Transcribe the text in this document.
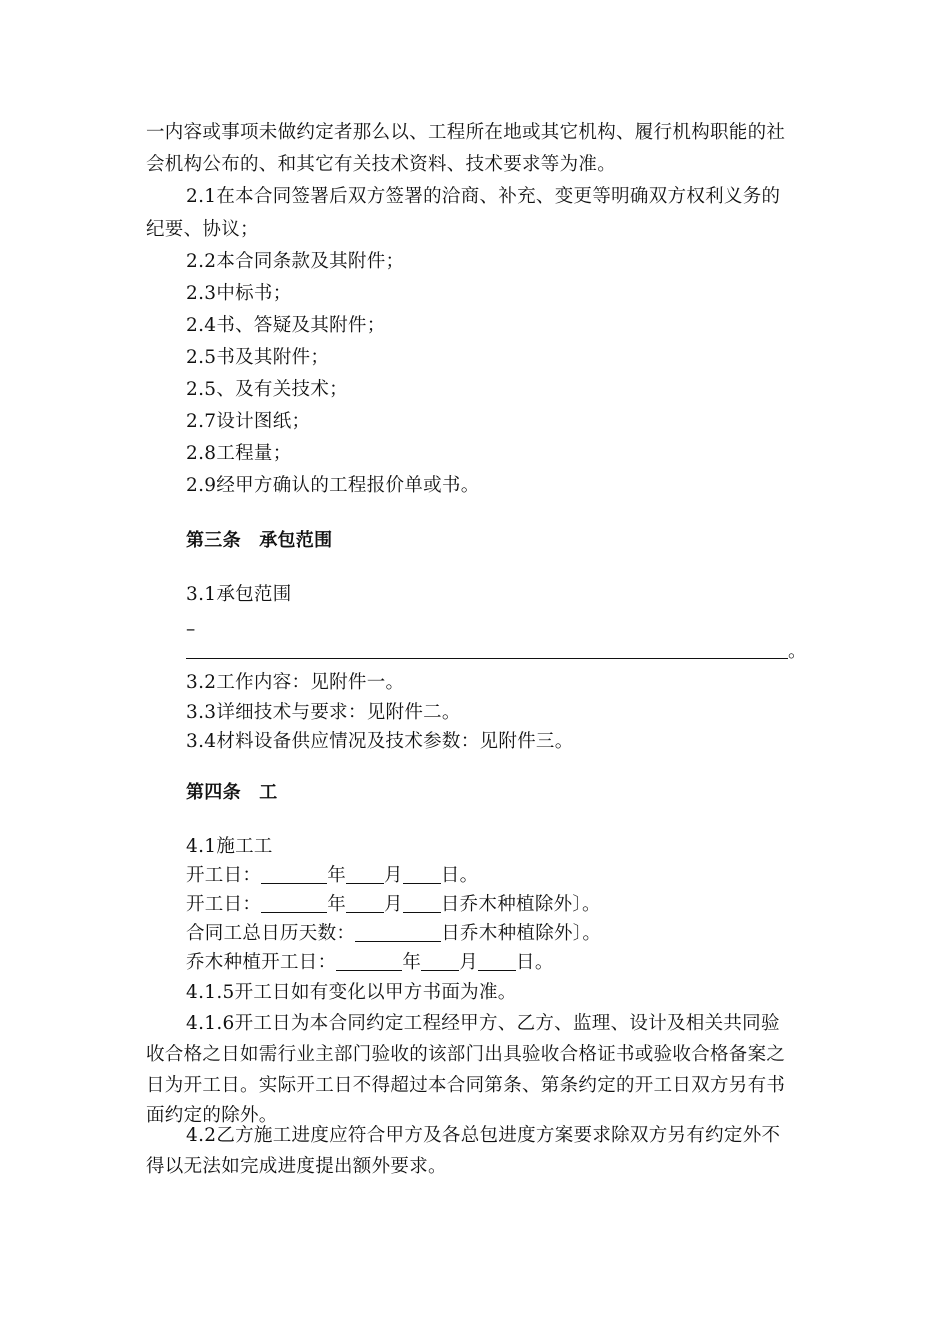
一内容或事项未做约定者那么以、工程所在地或其它机构、履行机构职能的社
会机构公布的、和其它有关技术资料、技术要求等为准。
2.1在本合同签署后双方签署的洽商、补充、变更等明确双方权利义务的
纪要、协议；
2.2本合同条款及其附件；
2.3中标书；
2.4书、答疑及其附件；
2.5书及其附件；
2.5、及有关技术；
2.7设计图纸；
2.8工程量；
2.9经甲方确认的工程报价单或书。
第三条　承包范围
3.1承包范围
–
。
3.2工作内容：见附件一。
3.3详细技术与要求：见附件二。
3.4材料设备供应情况及技术参数：见附件三。
第四条　工
4.1施工工
开工日：	年 月 日。
开工日：	年 月 日乔木种植除外〕。
合同工总日历天数：	日乔木种植除外〕。
乔木种植开工日：	年 月 日。
4.1.5开工日如有变化以甲方书面为准。
4.1.6开工日为本合同约定工程经甲方、乙方、监理、设计及相关共同验
收合格之日如需行业主部门验收的该部门出具验收合格证书或验收合格备案之
日为开工日。实际开工日不得超过本合同第条、第条约定的开工日双方另有书
面约定的除外。
4.2乙方施工进度应符合甲方及各总包进度方案要求除双方另有约定外不
得以无法如完成进度提出额外要求。
